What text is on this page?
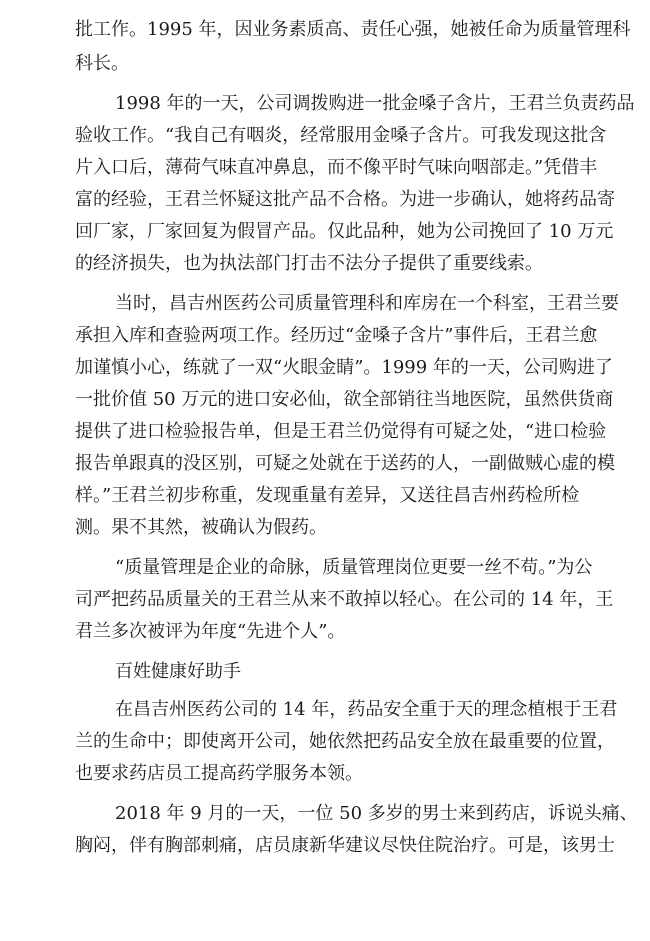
批工作。1995 年，因业务素质高、责任心强，她被任命为质量管理科
科长。
1998 年的一天，公司调拨购进一批金嗓子含片，王君兰负责药品
验收工作。“我自己有咽炎，经常服用金嗓子含片。可我发现这批含
片入口后，薄荷气味直冲鼻息，而不像平时气味向咽部走。”凭借丰
富的经验，王君兰怀疑这批产品不合格。为进一步确认，她将药品寄
回厂家，厂家回复为假冒产品。仅此品种，她为公司挽回了 10 万元
的经济损失，也为执法部门打击不法分子提供了重要线索。
当时，昌吉州医药公司质量管理科和库房在一个科室，王君兰要
承担入库和查验两项工作。经历过“金嗓子含片”事件后，王君兰愈
加谨慎小心，练就了一双“火眼金睛”。1999 年的一天，公司购进了
一批价值 50 万元的进口安必仙，欲全部销往当地医院，虽然供货商
提供了进口检验报告单，但是王君兰仍觉得有可疑之处，“进口检验
报告单跟真的没区别，可疑之处就在于送药的人，一副做贼心虚的模
样。”王君兰初步称重，发现重量有差异，又送往昌吉州药检所检
测。果不其然，被确认为假药。
“质量管理是企业的命脉，质量管理岗位更要一丝不苟。”为公
司严把药品质量关的王君兰从来不敢掉以轻心。在公司的 14 年，王
君兰多次被评为年度“先进个人”。
百姓健康好助手
在昌吉州医药公司的 14 年，药品安全重于天的理念植根于王君
兰的生命中；即使离开公司，她依然把药品安全放在最重要的位置，
也要求药店员工提高药学服务本领。
2018 年 9 月的一天，一位 50 多岁的男士来到药店，诉说头痛、
胸闷，伴有胸部刺痛，店员康新华建议尽快住院治疗。可是，该男士
